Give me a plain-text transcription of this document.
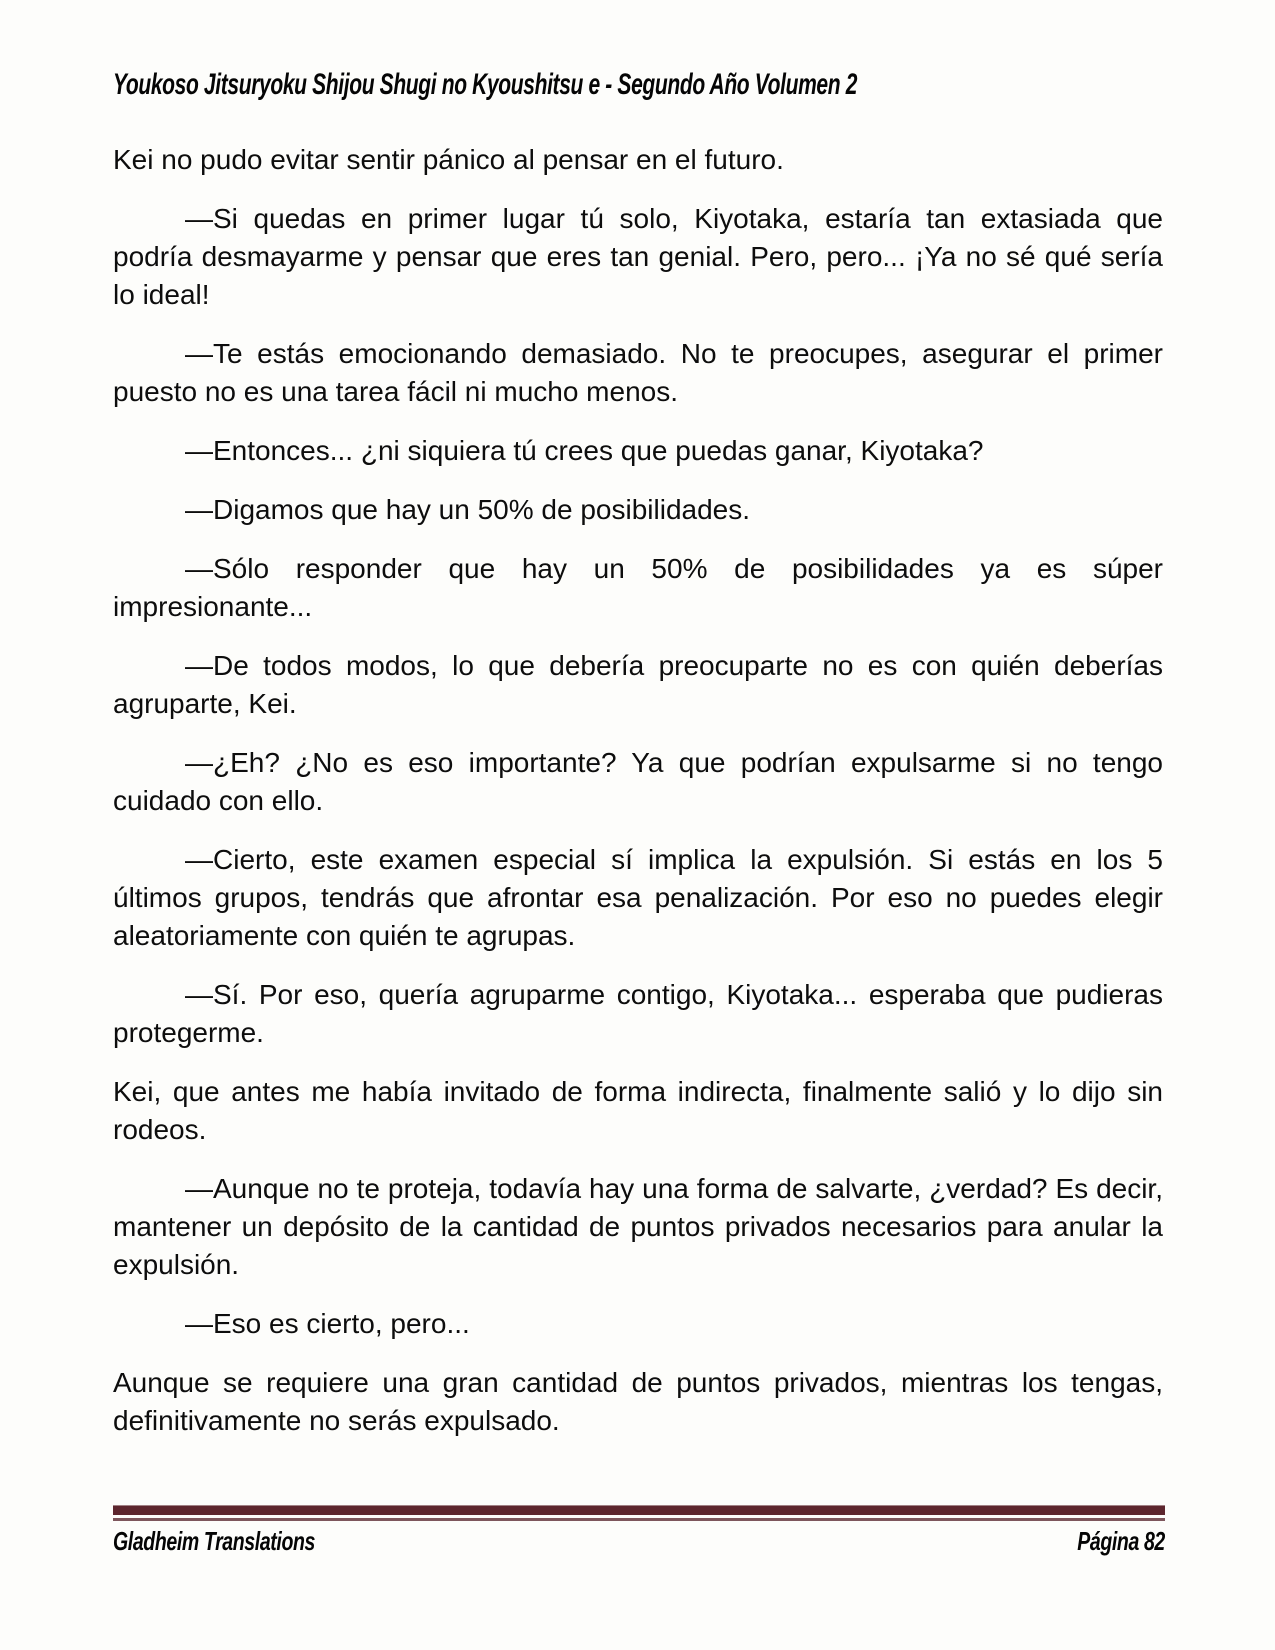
Youkoso Jitsuryoku Shijou Shugi no Kyoushitsu e - Segundo Año Volumen 2

Kei no pudo evitar sentir pánico al pensar en el futuro.

—Si quedas en primer lugar tú solo, Kiyotaka, estaría tan extasiada que podría desmayarme y pensar que eres tan genial. Pero, pero... ¡Ya no sé qué sería lo ideal!

—Te estás emocionando demasiado. No te preocupes, asegurar el primer puesto no es una tarea fácil ni mucho menos.

—Entonces... ¿ni siquiera tú crees que puedas ganar, Kiyotaka?

—Digamos que hay un 50% de posibilidades.

—Sólo responder que hay un 50% de posibilidades ya es súper impresionante...

—De todos modos, lo que debería preocuparte no es con quién deberías agruparte, Kei.

—¿Eh? ¿No es eso importante? Ya que podrían expulsarme si no tengo cuidado con ello.

—Cierto, este examen especial sí implica la expulsión. Si estás en los 5 últimos grupos, tendrás que afrontar esa penalización. Por eso no puedes elegir aleatoriamente con quién te agrupas.

—Sí. Por eso, quería agruparme contigo, Kiyotaka... esperaba que pudieras protegerme.

Kei, que antes me había invitado de forma indirecta, finalmente salió y lo dijo sin rodeos.

—Aunque no te proteja, todavía hay una forma de salvarte, ¿verdad? Es decir, mantener un depósito de la cantidad de puntos privados necesarios para anular la expulsión.

—Eso es cierto, pero...

Aunque se requiere una gran cantidad de puntos privados, mientras los tengas, definitivamente no serás expulsado.

Gladheim Translations	Página 82
